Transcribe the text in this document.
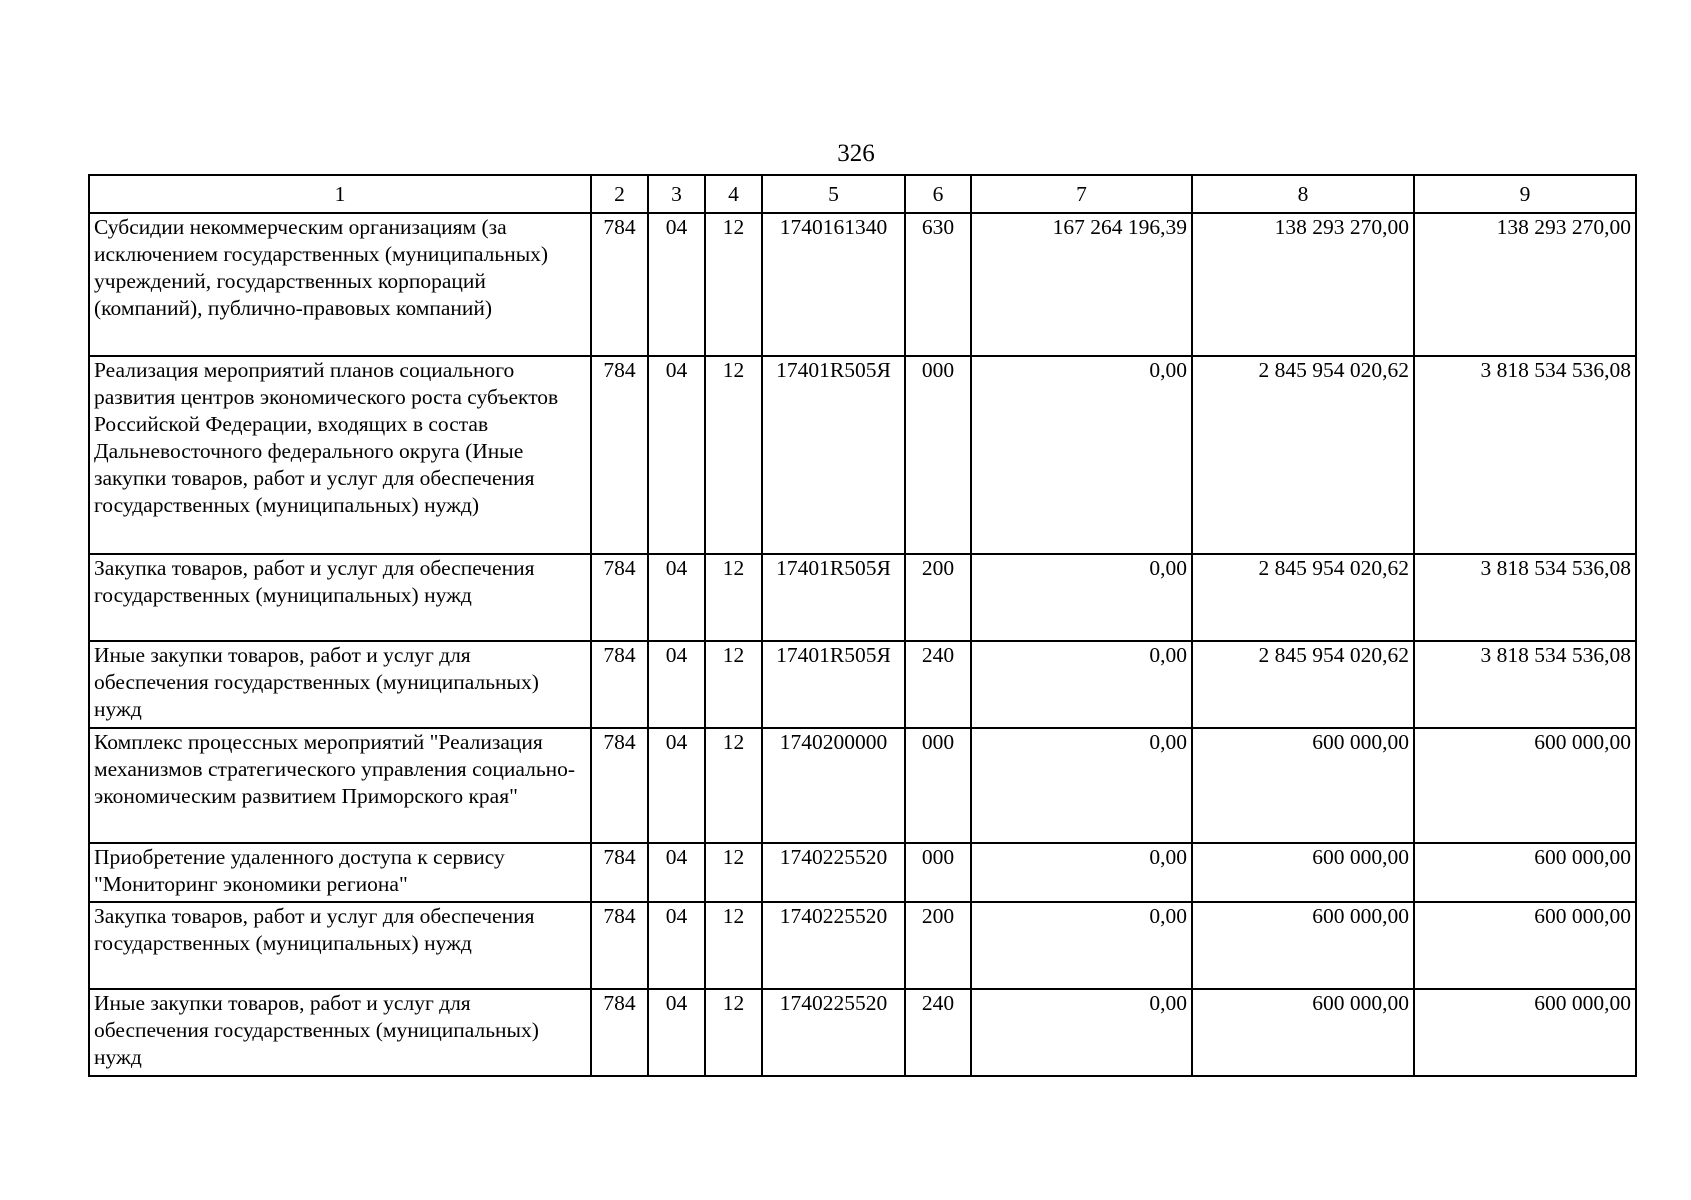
326
1	2	3	4	5	6	7	8	9
Субсидии некоммерческим организациям (за исключением государственных (муниципальных) учреждений, государственных корпораций (компаний), публично-правовых компаний)	784	04	12	1740161340	630	167 264 196,39	138 293 270,00	138 293 270,00
Реализация мероприятий планов социального развития центров экономического роста субъектов Российской Федерации, входящих в состав Дальневосточного федерального округа (Иные закупки товаров, работ и услуг для обеспечения государственных (муниципальных) нужд)	784	04	12	17401R505Я	000	0,00	2 845 954 020,62	3 818 534 536,08
Закупка товаров, работ и услуг для обеспечения государственных (муниципальных) нужд	784	04	12	17401R505Я	200	0,00	2 845 954 020,62	3 818 534 536,08
Иные закупки товаров, работ и услуг для обеспечения государственных (муниципальных) нужд	784	04	12	17401R505Я	240	0,00	2 845 954 020,62	3 818 534 536,08
Комплекс процессных мероприятий "Реализация механизмов стратегического управления социально-экономическим развитием Приморского края"	784	04	12	1740200000	000	0,00	600 000,00	600 000,00
Приобретение удаленного доступа к сервису "Мониторинг экономики региона"	784	04	12	1740225520	000	0,00	600 000,00	600 000,00
Закупка товаров, работ и услуг для обеспечения государственных (муниципальных) нужд	784	04	12	1740225520	200	0,00	600 000,00	600 000,00
Иные закупки товаров, работ и услуг для обеспечения государственных (муниципальных) нужд	784	04	12	1740225520	240	0,00	600 000,00	600 000,00
